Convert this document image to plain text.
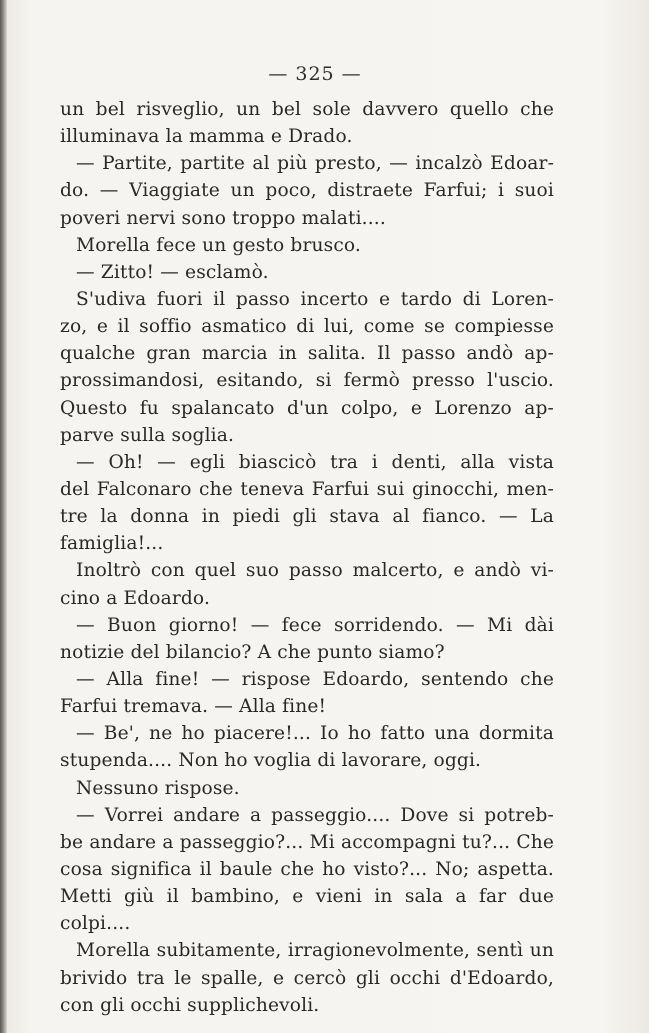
— 325 —
un bel risveglio, un bel sole davvero quello che
illuminava la mamma e Drado.
— Partite, partite al più presto, — incalzò Edoar-
do. — Viaggiate un poco, distraete Farfui; i suoi
poveri nervi sono troppo malati....
Morella fece un gesto brusco.
— Zitto! — esclamò.
S'udiva fuori il passo incerto e tardo di Loren-
zo, e il soffio asmatico di lui, come se compiesse
qualche gran marcia in salita. Il passo andò ap-
prossimandosi, esitando, si fermò presso l'uscio.
Questo fu spalancato d'un colpo, e Lorenzo ap-
parve sulla soglia.
— Oh! — egli biascicò tra i denti, alla vista
del Falconaro che teneva Farfui sui ginocchi, men-
tre la donna in piedi gli stava al fianco. — La
famiglia!...
Inoltrò con quel suo passo malcerto, e andò vi-
cino a Edoardo.
— Buon giorno! — fece sorridendo. — Mi dài
notizie del bilancio? A che punto siamo?
— Alla fine! — rispose Edoardo, sentendo che
Farfui tremava. — Alla fine!
— Be', ne ho piacere!... Io ho fatto una dormita
stupenda.... Non ho voglia di lavorare, oggi.
Nessuno rispose.
— Vorrei andare a passeggio.... Dove si potreb-
be andare a passeggio?... Mi accompagni tu?... Che
cosa significa il baule che ho visto?... No; aspetta.
Metti giù il bambino, e vieni in sala a far due
colpi....
Morella subitamente, irragionevolmente, sentì un
brivido tra le spalle, e cercò gli occhi d'Edoardo,
con gli occhi supplichevoli.
